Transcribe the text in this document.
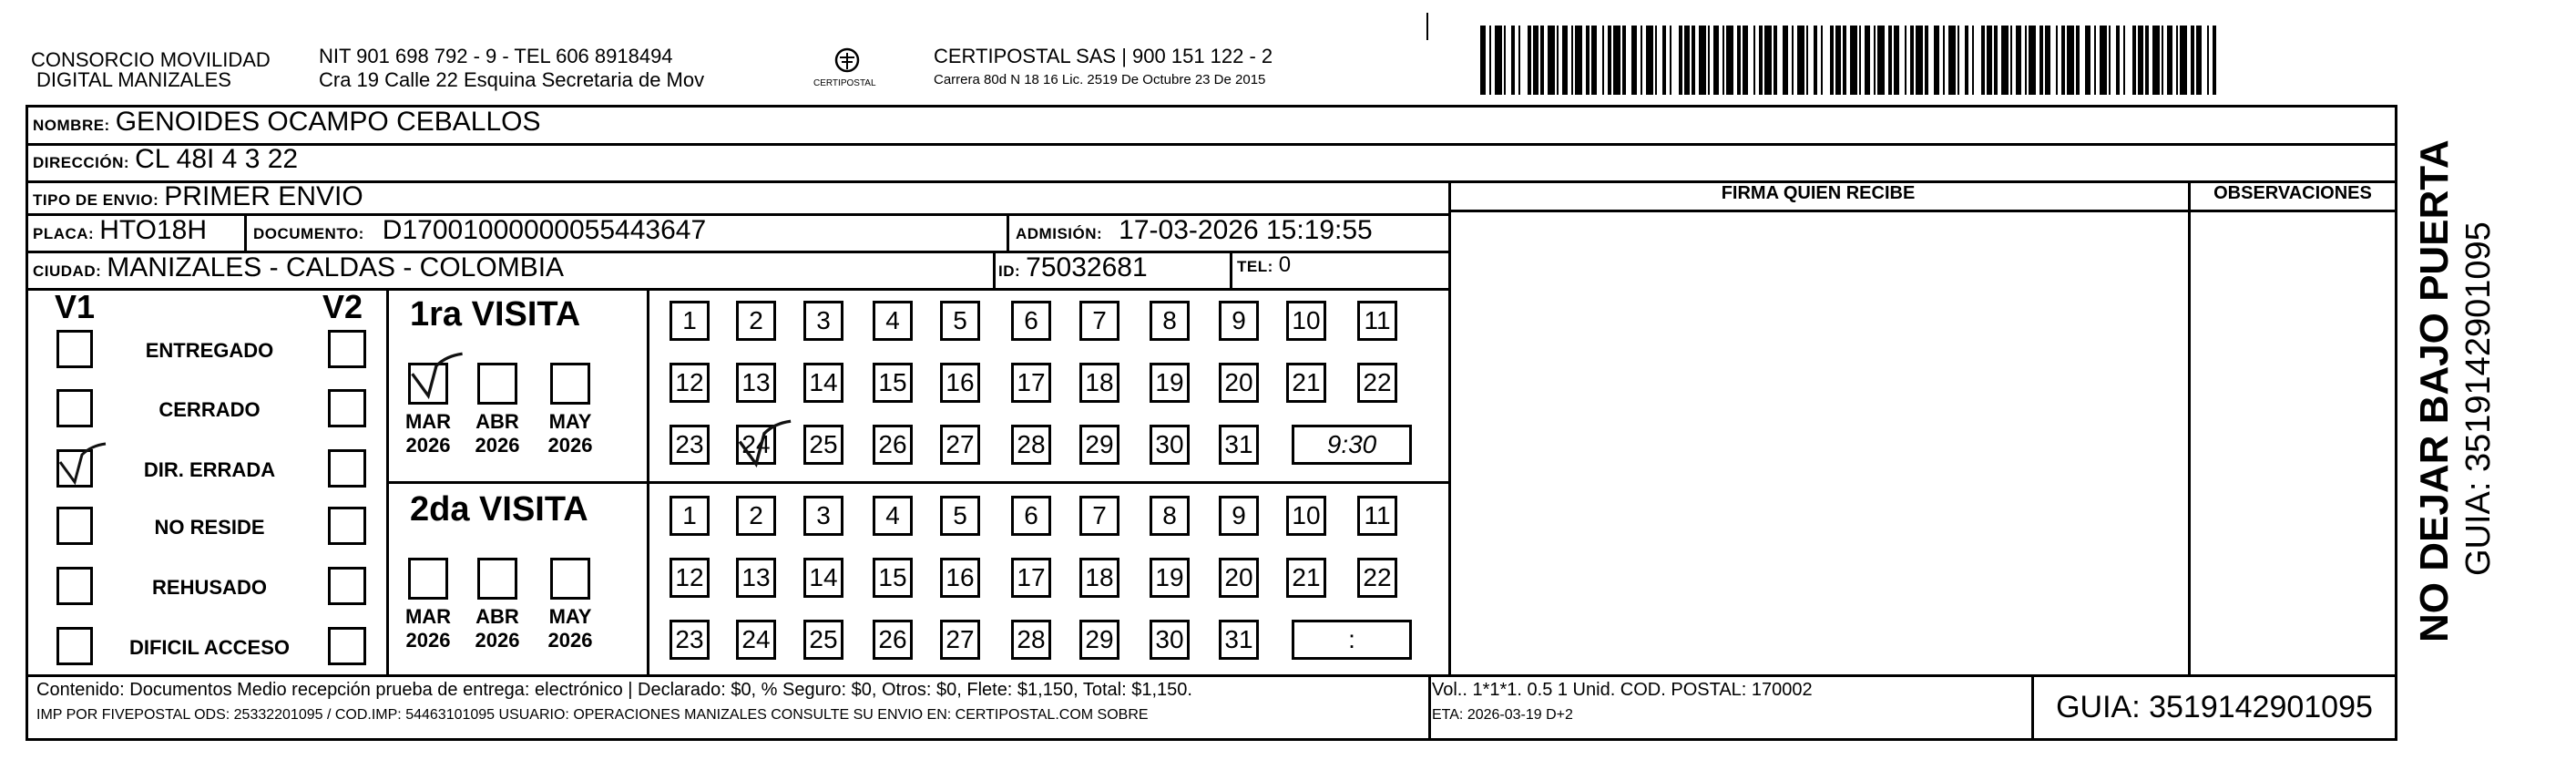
CONSORCIO MOVILIDAD
DIGITAL MANIZALES
NIT 901 698 792 - 9 - TEL 606 8918494
Cra 19 Calle 22 Esquina Secretaria de Mov	CERTIPOSTAL
CERTIPOSTAL SAS | 900 151 122 - 2
Carrera 80d N 18 16 Lic. 2519 De Octubre 23 De 2015
FIRMA QUIEN RECIBE	OBSERVACIONES
NOMBRE: GENOIDES OCAMPO CEBALLOS
DIRECCIÓN: CL 48I 4 3 22
TIPO DE ENVIO: PRIMER ENVIO
PLACA: HTO18H	DOCUMENTO: D17001000000055443647	ADMISIÓN: 17-03-2026 15:19:55
CIUDAD: MANIZALES - CALDAS - COLOMBIA	ID: 75032681	TEL: 0
V1	V2
ENTREGADO
CERRADO
DIR. ERRADA
NO RESIDE
REHUSADO
DIFICIL ACCESO
1ra VISITA
MAR
2026
ABR
2026
MAY
2026
1	2	3	4	5	6	7	8	9	10 11
12 13 14 15 16 17 18 19 20 21 22
23 24 25 26 27 28 29 30 31	9:30
2da VISITA
MAR
2026
ABR
2026
MAY
2026
1	2	3	4	5	6	7	8	9	10 11
12 13 14 15 16 17 18 19 20 21 22
23 24 25 26 27 28 29 30 31	:
Contenido: Documentos Medio recepción prueba de entrega: electrónico | Declarado: $0, % Seguro: $0, Otros: $0, Flete: $1,150, Total: $1,150.	Vol.. 1*1*1. 0.5 1 Unid. COD. POSTAL: 170002
IMP POR FIVEPOSTAL ODS: 25332201095 / COD.IMP: 54463101095 USUARIO: OPERACIONES MANIZALES CONSULTE SU ENVIO EN: CERTIPOSTAL.COM SOBRE	ETA: 2026-03-19 D+2	GUIA: 3519142901095
NO DEJAR BAJO PUERTA GUIA: 3519142901095
